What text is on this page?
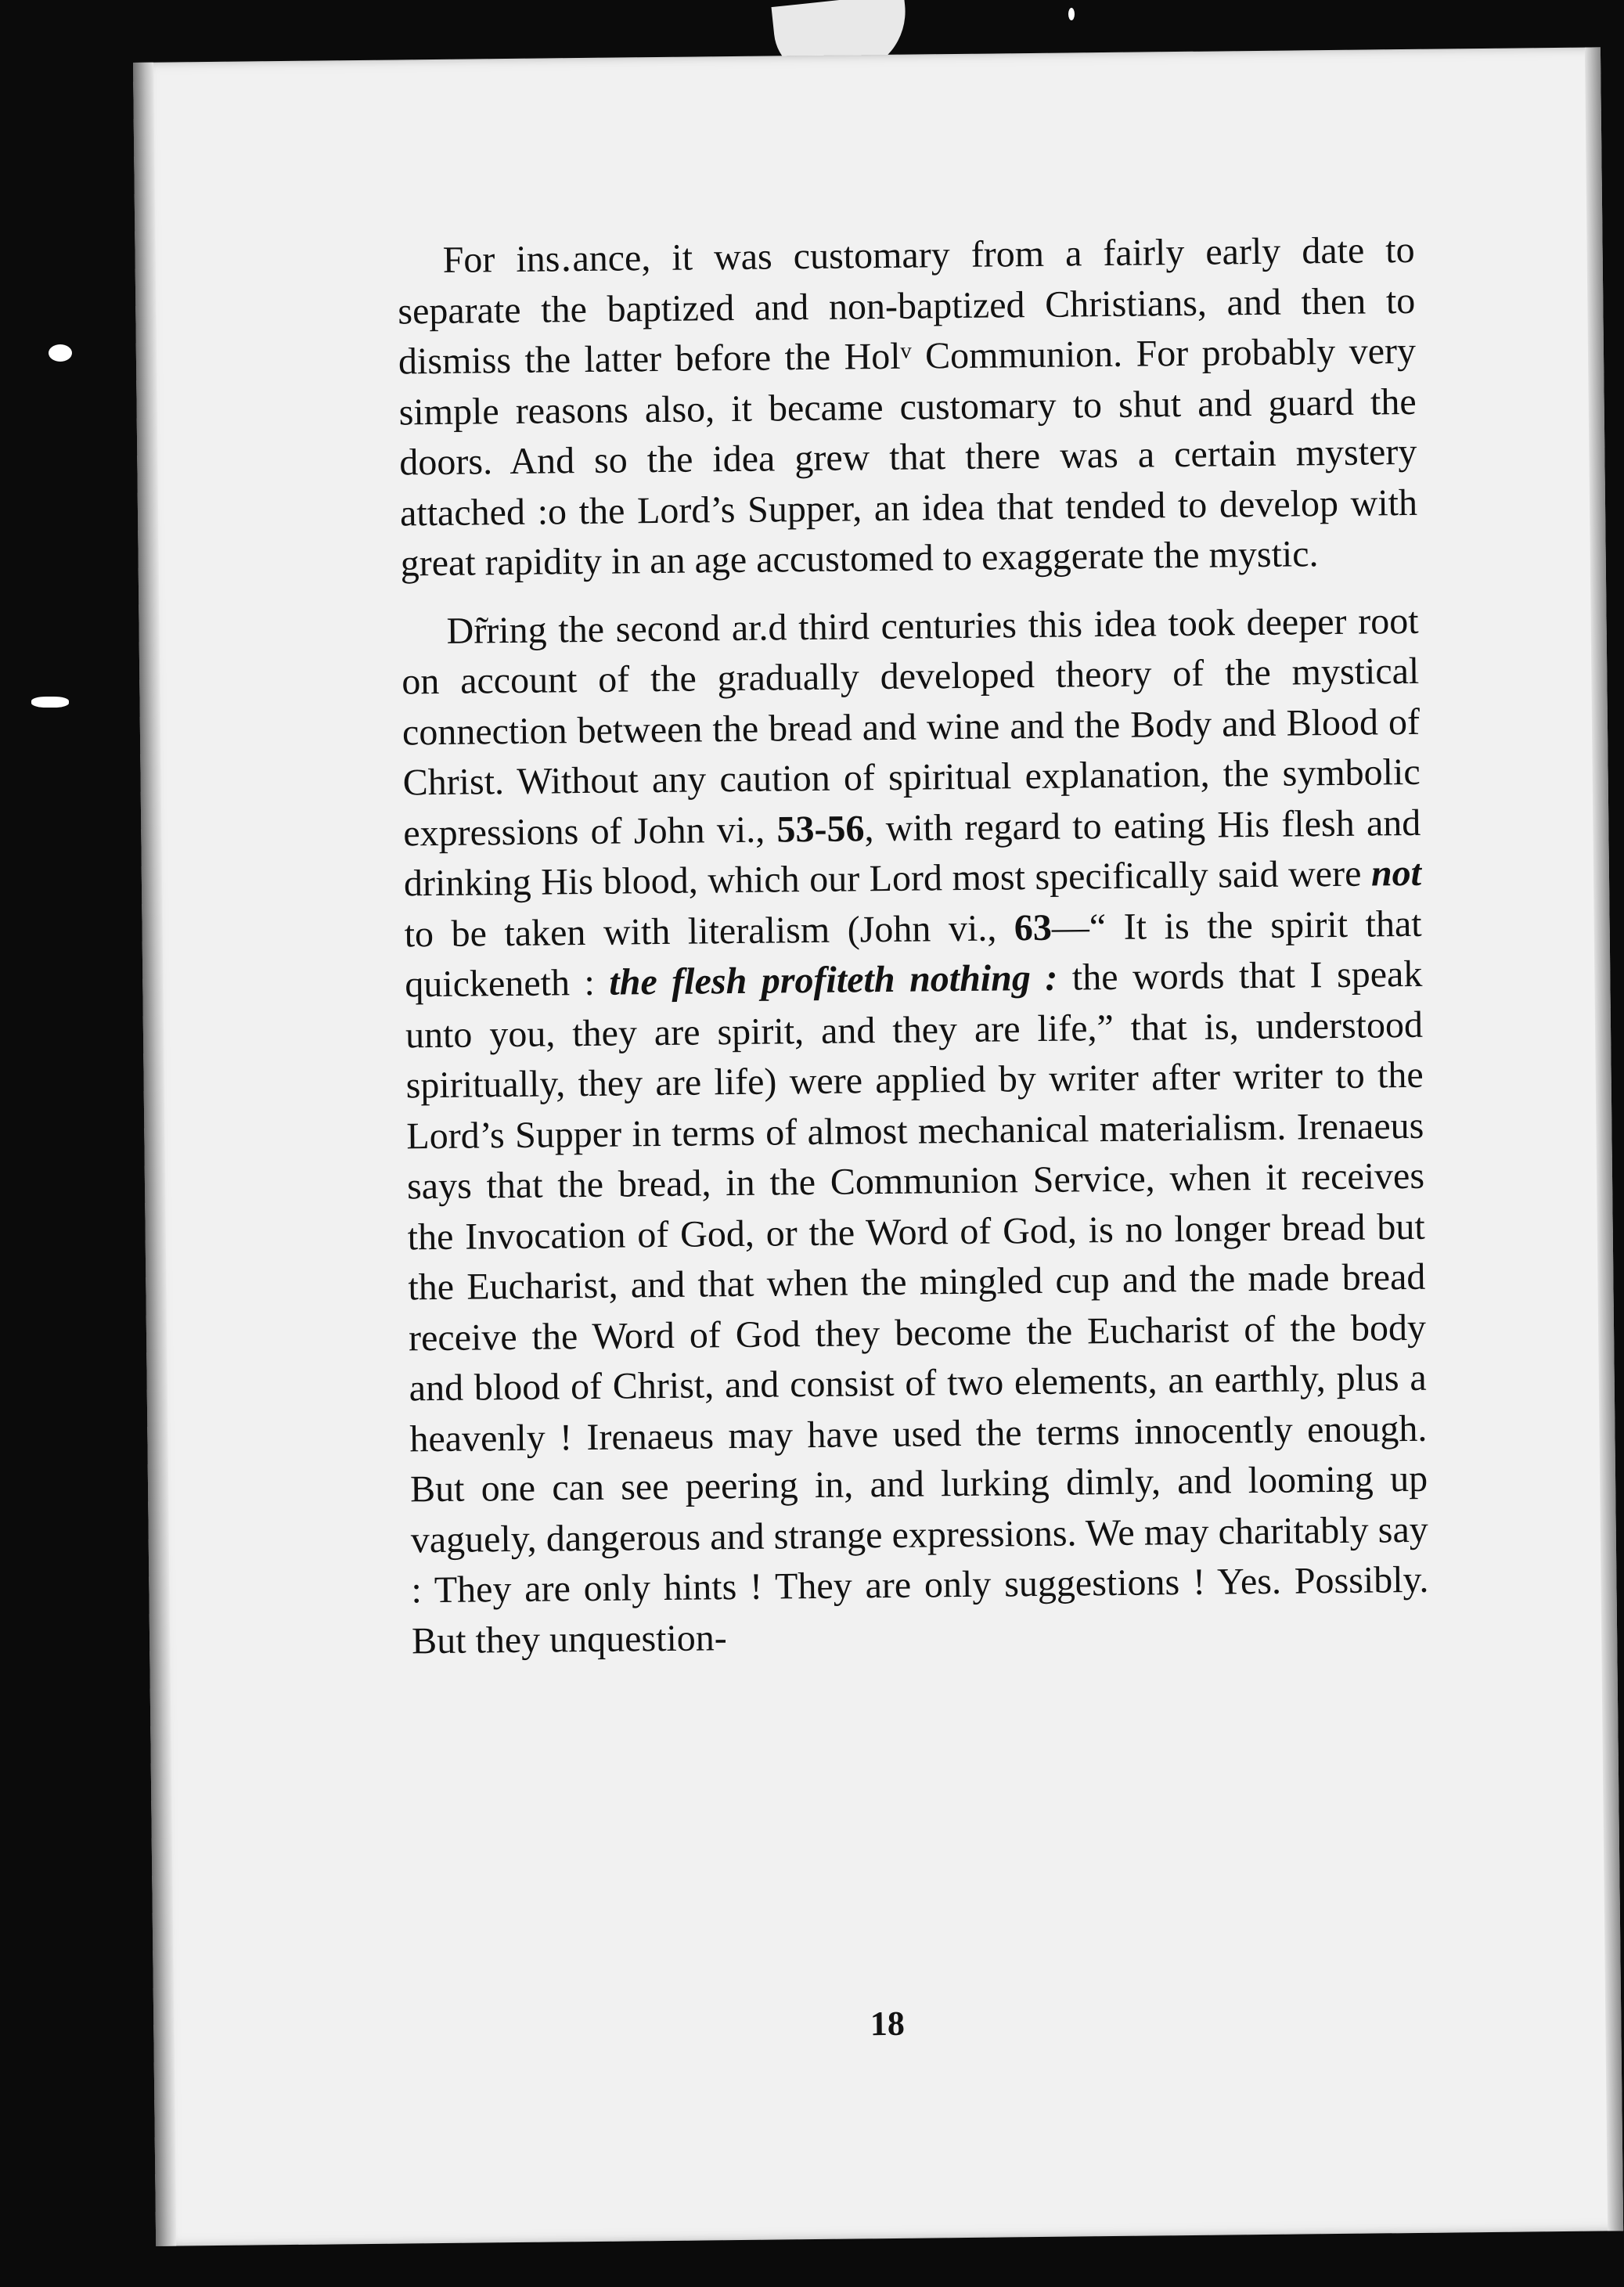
For ins․ance, it was customary from a fairly early date to separate the baptized and non-baptized Christians, and then to dismiss the latter before the Holᵛ Communion. For probably very simple reasons also, it became customary to shut and guard the doors. And so the idea grew that there was a certain mystery attached :o the Lord’s Supper, an idea that tended to develop with great rapidity in an age accustomed to exaggerate the mystic.

Dr̃ring the second ar.d third centuries this idea took deeper root on account of the gradually developed theory of the mystical connection between the bread and wine and the Body and Blood of Christ. Without any caution of spiritual explanation, the symbolic expressions of John vi., 53-56, with regard to eating His flesh and drinking His blood, which our Lord most specifically said were not to be taken with literalism (John vi., 63—“ It is the spirit that quickeneth : the flesh profiteth nothing : the words that I speak unto you, they are spirit, and they are life,” that is, understood spiritually, they are life) were applied by writer after writer to the Lord’s Supper in terms of almost mechanical materialism. Irenaeus says that the bread, in the Communion Service, when it receives the Invocation of God, or the Word of God, is no longer bread but the Eucharist, and that when the mingled cup and the made bread receive the Word of God they become the Eucharist of the body and blood of Christ, and consist of two elements, an earthly, plus a heavenly ! Irenaeus may have used the terms innocently enough. But one can see peering in, and lurking dimly, and looming up vaguely, dangerous and strange expressions. We may charitably say : They are only hints ! They are only suggestions ! Yes. Possibly. But they unquestion-

18
